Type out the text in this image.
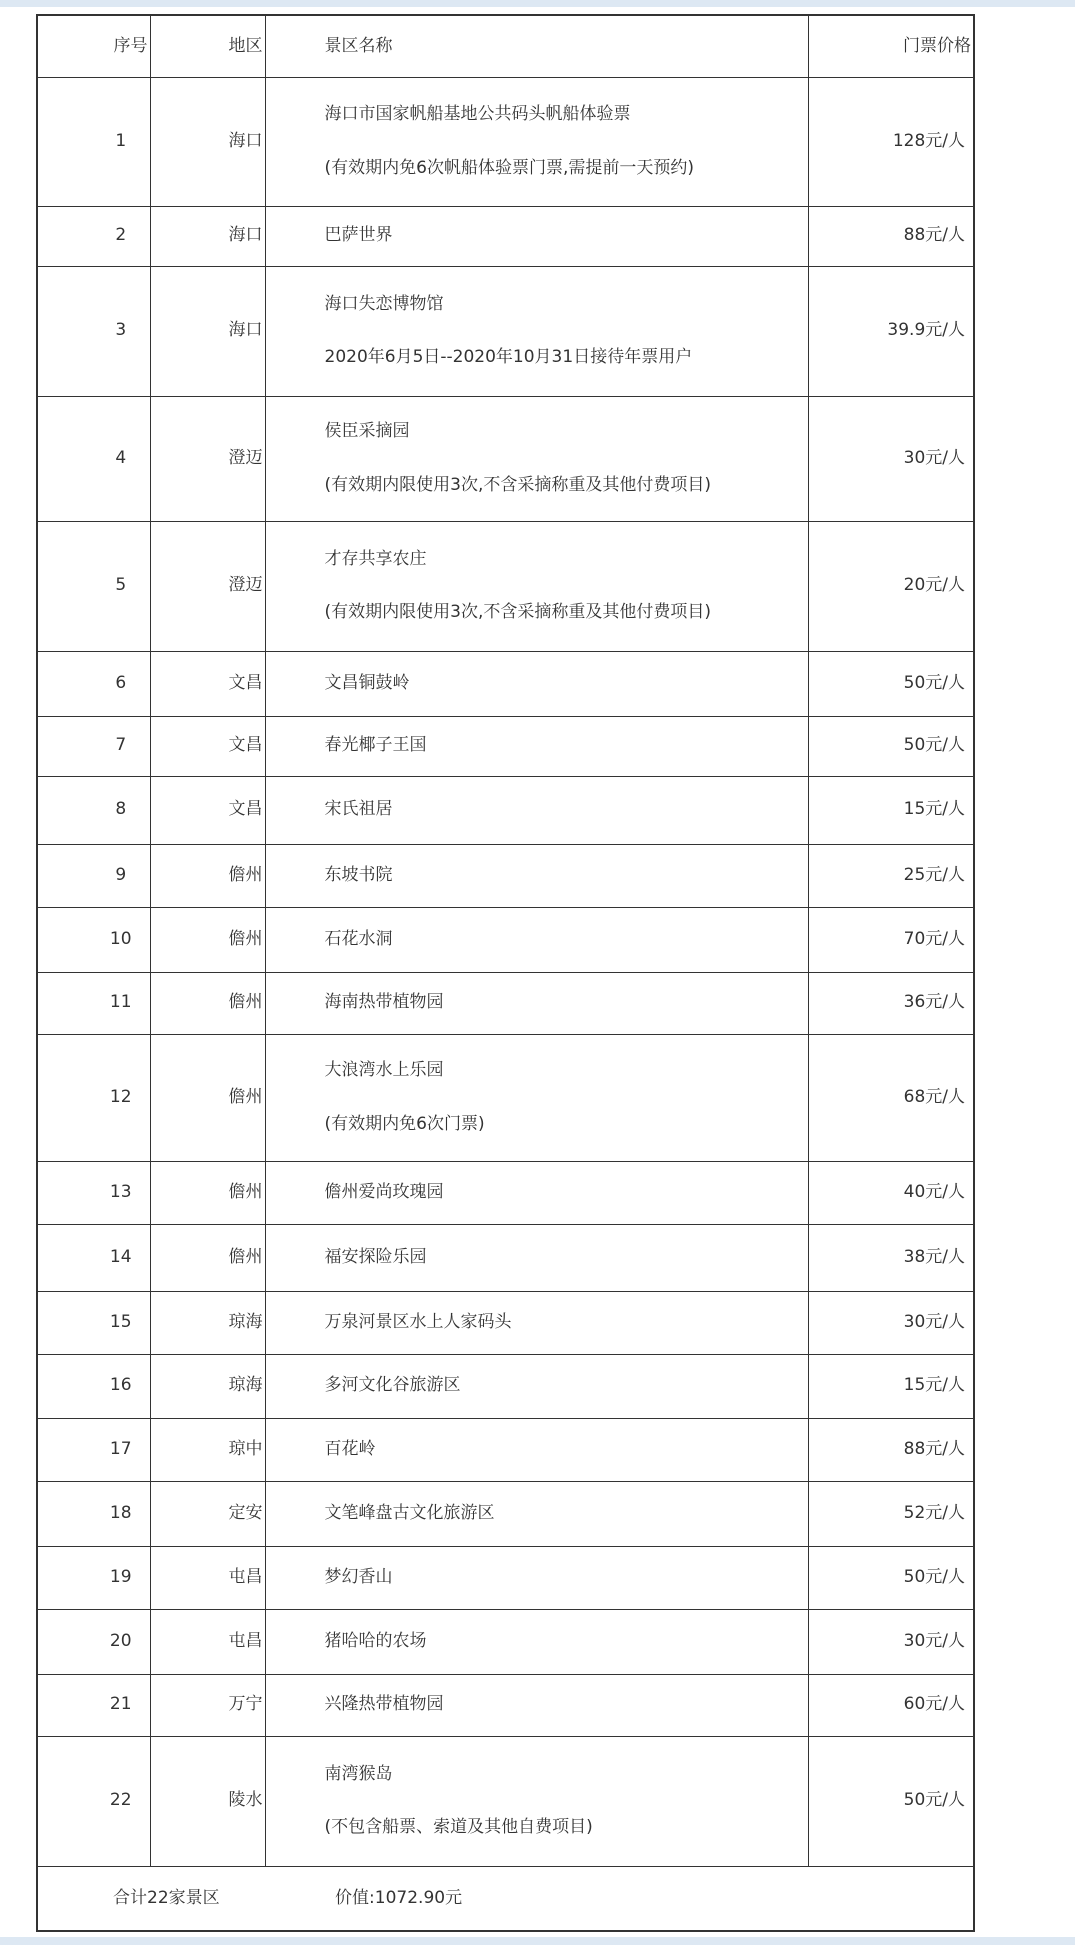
序号	地区	景区名称	门票价格
1	海口	海口市国家帆船基地公共码头帆船体验票
(有效期内免6次帆船体验票门票,需提前一天预约)	128元/人
2	海口	巴萨世界	88元/人
3	海口	海口失恋博物馆
2020年6月5日--2020年10月31日接待年票用户	39.9元/人
4	澄迈	侯臣采摘园
(有效期内限使用3次,不含采摘称重及其他付费项目)	30元/人
5	澄迈	才存共享农庄
(有效期内限使用3次,不含采摘称重及其他付费项目)	20元/人
6	文昌	文昌铜鼓岭	50元/人
7	文昌	春光椰子王国	50元/人
8	文昌	宋氏祖居	15元/人
9	儋州	东坡书院	25元/人
10	儋州	石花水洞	70元/人
11	儋州	海南热带植物园	36元/人
12	儋州	大浪湾水上乐园
(有效期内免6次门票)	68元/人
13	儋州	儋州爱尚玫瑰园	40元/人
14	儋州	福安探险乐园	38元/人
15	琼海	万泉河景区水上人家码头	30元/人
16	琼海	多河文化谷旅游区	15元/人
17	琼中	百花岭	88元/人
18	定安	文笔峰盘古文化旅游区	52元/人
19	屯昌	梦幻香山	50元/人
20	屯昌	猪哈哈的农场	30元/人
21	万宁	兴隆热带植物园	60元/人
22	陵水	南湾猴岛
(不包含船票、索道及其他自费项目)	50元/人
合计22家景区 价值:1072.90元			
